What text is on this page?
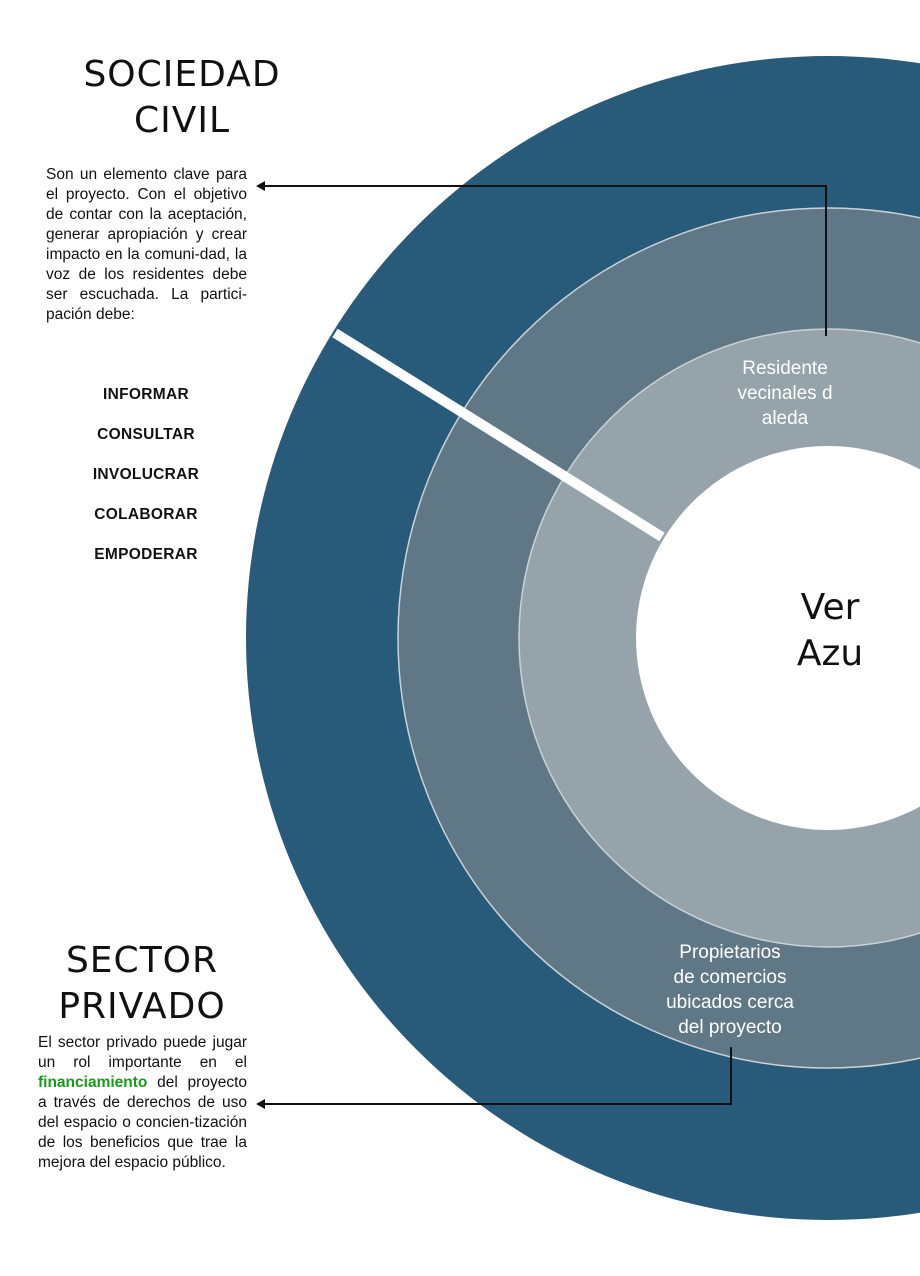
SOCIEDAD
CIVIL

Son un elemento clave para el proyecto. Con el objetivo de contar con la aceptación, generar apropiación y crear impacto en la comuni-dad, la voz de los residentes debe ser escuchada. La partici-pación debe:

INFORMAR
CONSULTAR
INVOLUCRAR
COLABORAR
EMPODERAR
SECTOR
PRIVADO

El sector privado puede jugar un rol importante en el financiamiento del proyecto a través de derechos de uso del espacio o concien-tización de los beneficios que trae la mejora del espacio público.

Residente
vecinales d
aleda

Propietarios
de comercios
ubicados cerca
del proyecto

Ver
Azu
